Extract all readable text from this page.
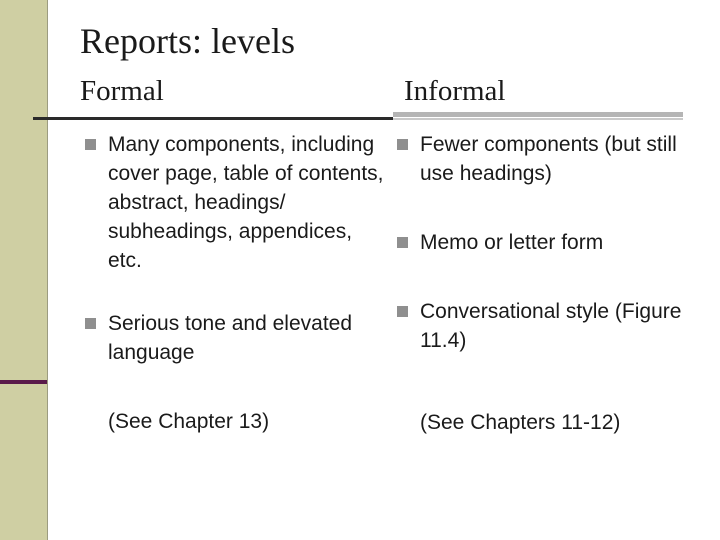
Reports: levels
Formal	Informal
Many components, including cover page, table of contents, abstract, headings/ subheadings, appendices, etc.
Serious tone and elevated language
(See Chapter 13)
Fewer components (but still use headings)
Memo or letter form
Conversational style (Figure 11.4)
(See Chapters 11-12)
